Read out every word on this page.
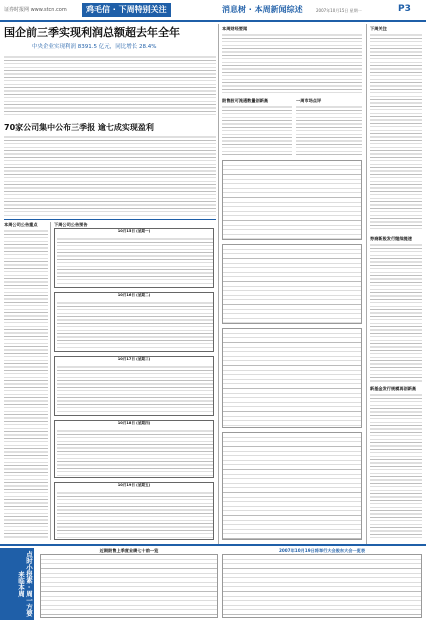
证券时报网 www.stcn.com	鸡毛信 · 下周特别关注	消息树 · 本周新闻综述	2007年10月15日 星期一	P3
国企前三季实现利润总额超去年全年
中央企业实现利润 8391.5 亿元，同比增长 28.4%
70家公司集中公布三季报 逾七成实现盈利
本周公司公告重点	下周公司公告预告
10月15日 (星期一)
10月16日 (星期二)
10月17日 (星期三)
10月18日 (星期四)
10月19日 (星期五)
本周财经要闻
限售股可流通数量创新高	一周市场点评
下周关注
券商新股发行继续提速
新基金发行规模再创新高
点时小报素 · 周一方要来临本周
近期限售上季度业绩七十前一览	2007年10月19日将举行大会股东大会一览表
